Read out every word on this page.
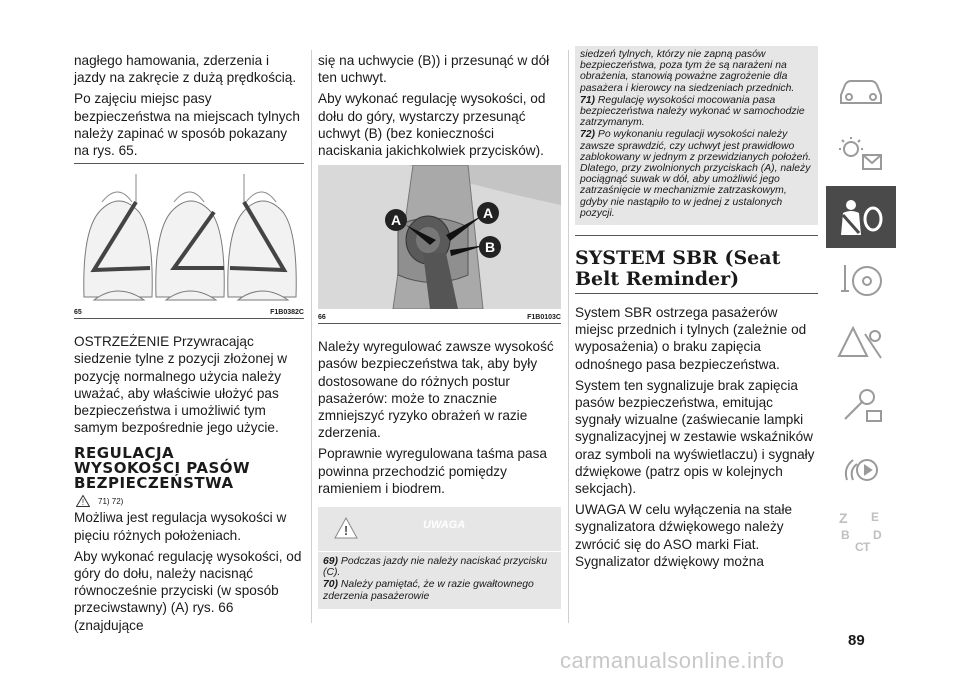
nagłego hamowania, zderzenia i jazdy na zakręcie z dużą prędkością.

Po zajęciu miejsc pasy bezpieczeństwa na miejscach tylnych należy zapinać w sposób pokazany na rys. 65.

65	F1B0382C

OSTRZEŻENIE Przywracając siedzenie tylne z pozycji złożonej w pozycję normalnego użycia należy uważać, aby właściwie ułożyć pas bezpieczeństwa i umożliwić tym samym bezpośrednie jego użycie.

REGULACJA
WYSOKOŚCI PASÓW
BEZPIECZEŃSTWA
! 71) 72)

Możliwa jest regulacja wysokości w pięciu różnych położeniach.

Aby wykonać regulację wysokości, od góry do dołu, należy nacisnąć równocześnie przyciski (w sposób przeciwstawny) (A) rys. 66 (znajdujące

się na uchwycie (B)) i przesunąć w dół ten uchwyt.

Aby wykonać regulację wysokości, od dołu do góry, wystarczy przesunąć uchwyt (B) (bez konieczności naciskania jakichkolwiek przycisków).

A	A
B
66	F1B0103C

Należy wyregulować zawsze wysokość pasów bezpieczeństwa tak, aby były dostosowane do różnych postur pasażerów: może to znacznie zmniejszyć ryzyko obrażeń w razie zderzenia.

Poprawnie wyregulowana taśma pasa powinna przechodzić pomiędzy ramieniem i biodrem.

!	UWAGA

69) Podczas jazdy nie należy naciskać przycisku (C).

70) Należy pamiętać, że w razie gwałtownego zderzenia pasażerowie

siedzeń tylnych, którzy nie zapną pasów bezpieczeństwa, poza tym że są narażeni na obrażenia, stanowią poważne zagrożenie dla pasażera i kierowcy na siedzeniach przednich.

71) Regulację wysokości mocowania pasa bezpieczeństwa należy wykonać w samochodzie zatrzymanym.

72) Po wykonaniu regulacji wysokości należy zawsze sprawdzić, czy uchwyt jest prawidłowo zablokowany w jednym z przewidzianych położeń. Dlatego, przy zwolnionych przyciskach (A), należy pociągnąć suwak w dół, aby umożliwić jego zatrzaśnięcie w mechanizmie zatrzaskowym, gdyby nie nastąpiło to w jednej z ustalonych pozycji.

SYSTEM SBR (Seat
Belt Reminder)

System SBR ostrzega pasażerów miejsc przednich i tylnych (zależnie od wyposażenia) o braku zapięcia odnośnego pasa bezpieczeństwa.

System ten sygnalizuje brak zapięcia pasów bezpieczeństwa, emitując sygnały wizualne (zaświecanie lampki sygnalizacyjnej w zestawie wskaźników oraz symboli na wyświetlaczu) i sygnały dźwiękowe (patrz opis w kolejnych sekcjach).

UWAGA W celu wyłączenia na stałe sygnalizatora dźwiękowego należy zwrócić się do ASO marki Fiat. Sygnalizator dźwiękowy można

Z E
B
C T
D
89
carmanualsonline.info
